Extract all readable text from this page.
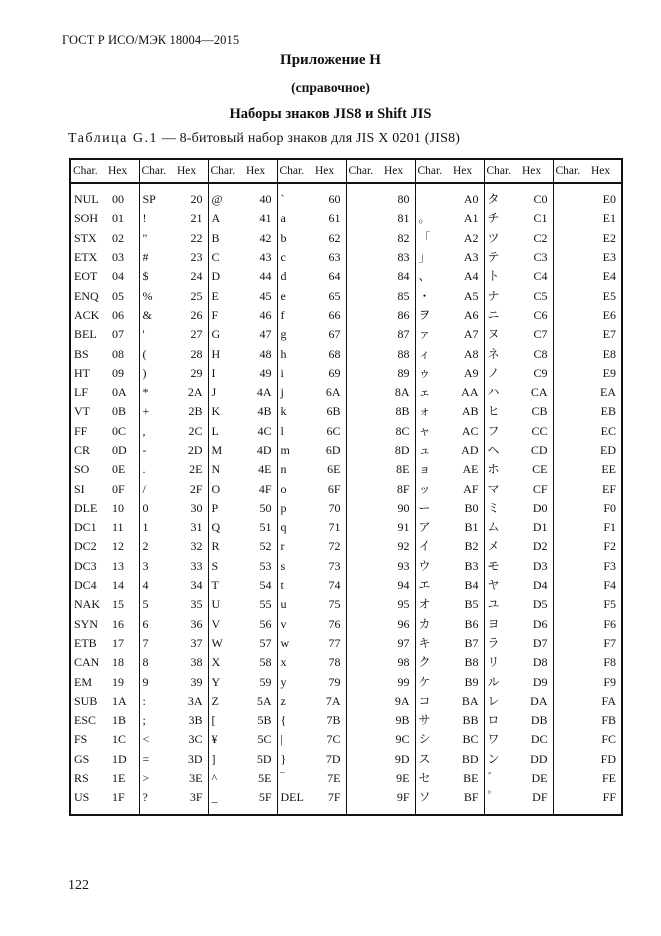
ГОСТ Р ИСО/МЭК 18004—2015
Приложение Н
(справочное)
Наборы знаков JIS8 и Shift JIS
Таблица G.1 — 8-битовый набор знаков для JIS X 0201 (JIS8)
Char.	Hex	Char.	Hex	Char.	Hex	Char.	Hex	Char.	Hex	Char.	Hex	Char.	Hex	Char.	Hex
NUL	00	SP	20	@	40	`	60		80		A0	タ	C0		E0
SOH	01	!	21	A	41	a	61		81	。	A1	チ	C1		E1
STX	02	"	22	B	42	b	62		82	「	A2	ツ	C2		E2
ETX	03	#	23	C	43	c	63		83	」	A3	テ	C3		E3
EOT	04	$	24	D	44	d	64		84	、	A4	ト	C4		E4
ENQ	05	%	25	E	45	e	65		85	・	A5	ナ	C5		E5
ACK	06	&	26	F	46	f	66		86	ヲ	A6	ニ	C6		E6
BEL	07	'	27	G	47	g	67		87	ァ	A7	ヌ	C7		E7
BS	08	(	28	H	48	h	68		88	ィ	A8	ネ	C8		E8
HT	09	)	29	I	49	i	69		89	ゥ	A9	ノ	C9		E9
LF	0A	*	2A	J	4A	j	6A		8A	ェ	AA	ハ	CA		EA
VT	0B	+	2B	K	4B	k	6B		8B	ォ	AB	ヒ	CB		EB
FF	0C	,	2C	L	4C	l	6C		8C	ャ	AC	フ	CC		EC
CR	0D	-	2D	M	4D	m	6D		8D	ュ	AD	ヘ	CD		ED
SO	0E	.	2E	N	4E	n	6E		8E	ョ	AE	ホ	CE		EE
SI	0F	/	2F	O	4F	o	6F		8F	ッ	AF	マ	CF		EF
DLE	10	0	30	P	50	p	70		90	ー	B0	ミ	D0		F0
DC1	11	1	31	Q	51	q	71		91	ア	B1	ム	D1		F1
DC2	12	2	32	R	52	r	72		92	イ	B2	メ	D2		F2
DC3	13	3	33	S	53	s	73		93	ウ	B3	モ	D3		F3
DC4	14	4	34	T	54	t	74		94	エ	B4	ヤ	D4		F4
NAK	15	5	35	U	55	u	75		95	オ	B5	ユ	D5		F5
SYN	16	6	36	V	56	v	76		96	カ	B6	ヨ	D6		F6
ETB	17	7	37	W	57	w	77		97	キ	B7	ラ	D7		F7
CAN	18	8	38	X	58	x	78		98	ク	B8	リ	D8		F8
EM	19	9	39	Y	59	y	79		99	ケ	B9	ル	D9		F9
SUB	1A	:	3A	Z	5A	z	7A		9A	コ	BA	レ	DA		FA
ESC	1B	;	3B	[	5B	{	7B		9B	サ	BB	ロ	DB		FB
FS	1C	<	3C	¥	5C	|	7C		9C	シ	BC	ワ	DC		FC
GS	1D	=	3D	]	5D	}	7D		9D	ス	BD	ン	DD		FD
RS	1E	>	3E	^	5E	‾	7E		9E	セ	BE	゛	DE		FE
US	1F	?	3F	_	5F	DEL	7F		9F	ソ	BF	゜	DF		FF
122
